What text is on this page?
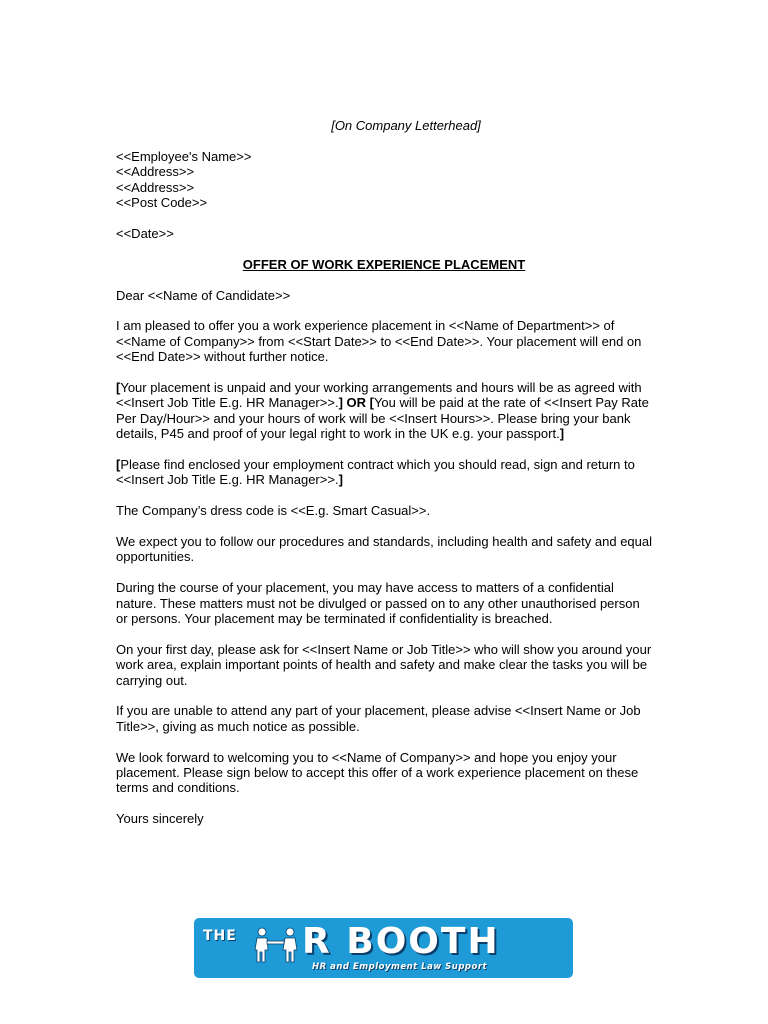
[On Company Letterhead]
<<Employee's Name>>
<<Address>>
<<Address>>
<<Post Code>>

<<Date>>

OFFER OF WORK EXPERIENCE PLACEMENT

Dear <<Name of Candidate>>

I am pleased to offer you a work experience placement in <<Name of Department>> of <<Name of Company>> from <<Start Date>> to <<End Date>>. Your placement will end on <<End Date>> without further notice.

[Your placement is unpaid and your working arrangements and hours will be as agreed with <<Insert Job Title E.g. HR Manager>>.] OR [You will be paid at the rate of <<Insert Pay Rate Per Day/Hour>> and your hours of work will be <<Insert Hours>>. Please bring your bank details, P45 and proof of your legal right to work in the UK e.g. your passport.]

[Please find enclosed your employment contract which you should read, sign and return to <<Insert Job Title E.g. HR Manager>>.]

The Company’s dress code is <<E.g. Smart Casual>>.

We expect you to follow our procedures and standards, including health and safety and equal opportunities.

During the course of your placement, you may have access to matters of a confidential nature. These matters must not be divulged or passed on to any other unauthorised person or persons. Your placement may be terminated if confidentiality is breached.

On your first day, please ask for <<Insert Name or Job Title>> who will show you around your work area, explain important points of health and safety and make clear the tasks you will be carrying out.

If you are unable to attend any part of your placement, please advise <<Insert Name or Job Title>>, giving as much notice as possible.

We look forward to welcoming you to <<Name of Company>> and hope you enjoy your placement. Please sign below to accept this offer of a work experience placement on these terms and conditions.

Yours sincerely

THE R BOOTH
HR and Employment Law Support
